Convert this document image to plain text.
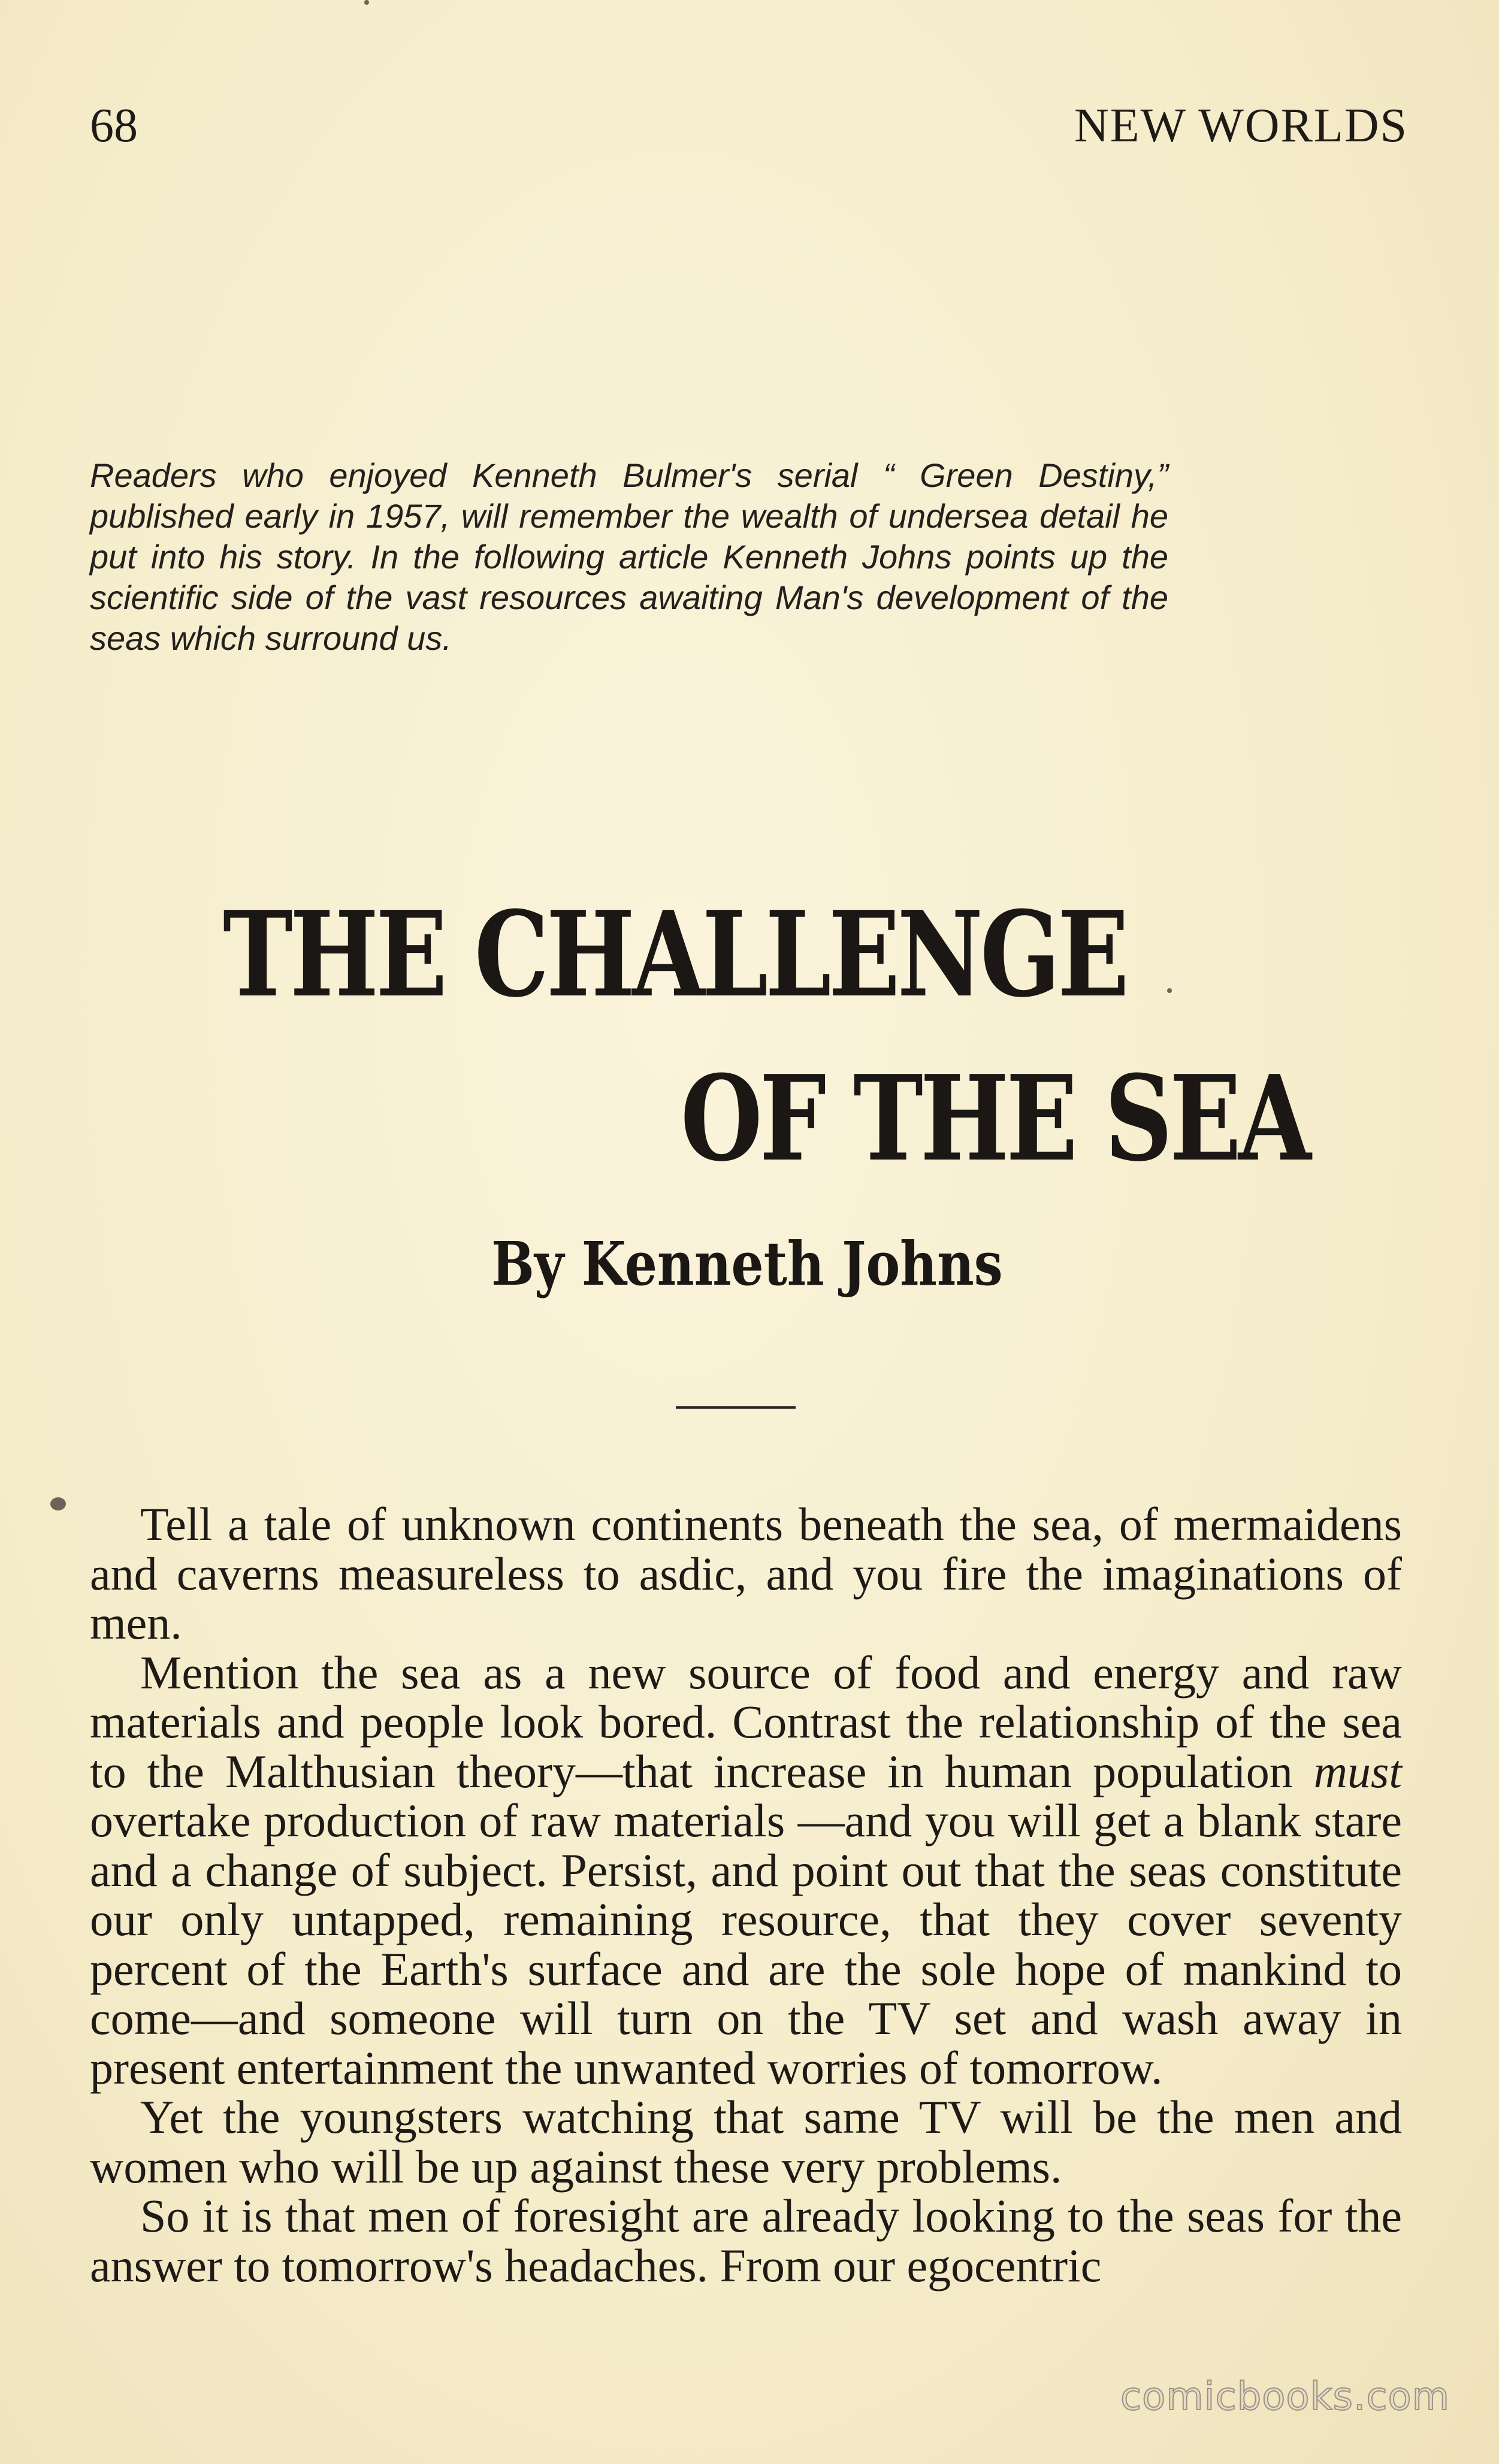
68	NEW WORLDS
Readers who enjoyed Kenneth Bulmer's serial “ Green Destiny,” published early in 1957, will remember the wealth of undersea detail he put into his story. In the following article Kenneth Johns points up the scientific side of the vast resources awaiting Man's development of the seas which surround us.
THE CHALLENGE
OF THE SEA
By Kenneth Johns

Tell a tale of unknown continents beneath the sea, of mermaidens and caverns measureless to asdic, and you fire the imaginations of men.

Mention the sea as a new source of food and energy and raw materials and people look bored. Contrast the relationship of the sea to the Malthusian theory—that increase in human population must overtake production of raw materials —and you will get a blank stare and a change of subject. Persist, and point out that the seas constitute our only untapped, remaining resource, that they cover seventy percent of the Earth's surface and are the sole hope of mankind to come—and someone will turn on the TV set and wash away in present entertainment the unwanted worries of tomorrow.

Yet the youngsters watching that same TV will be the men and women who will be up against these very problems.

So it is that men of foresight are already looking to the seas for the answer to tomorrow's headaches. From our egocentric

comicbooks.com
